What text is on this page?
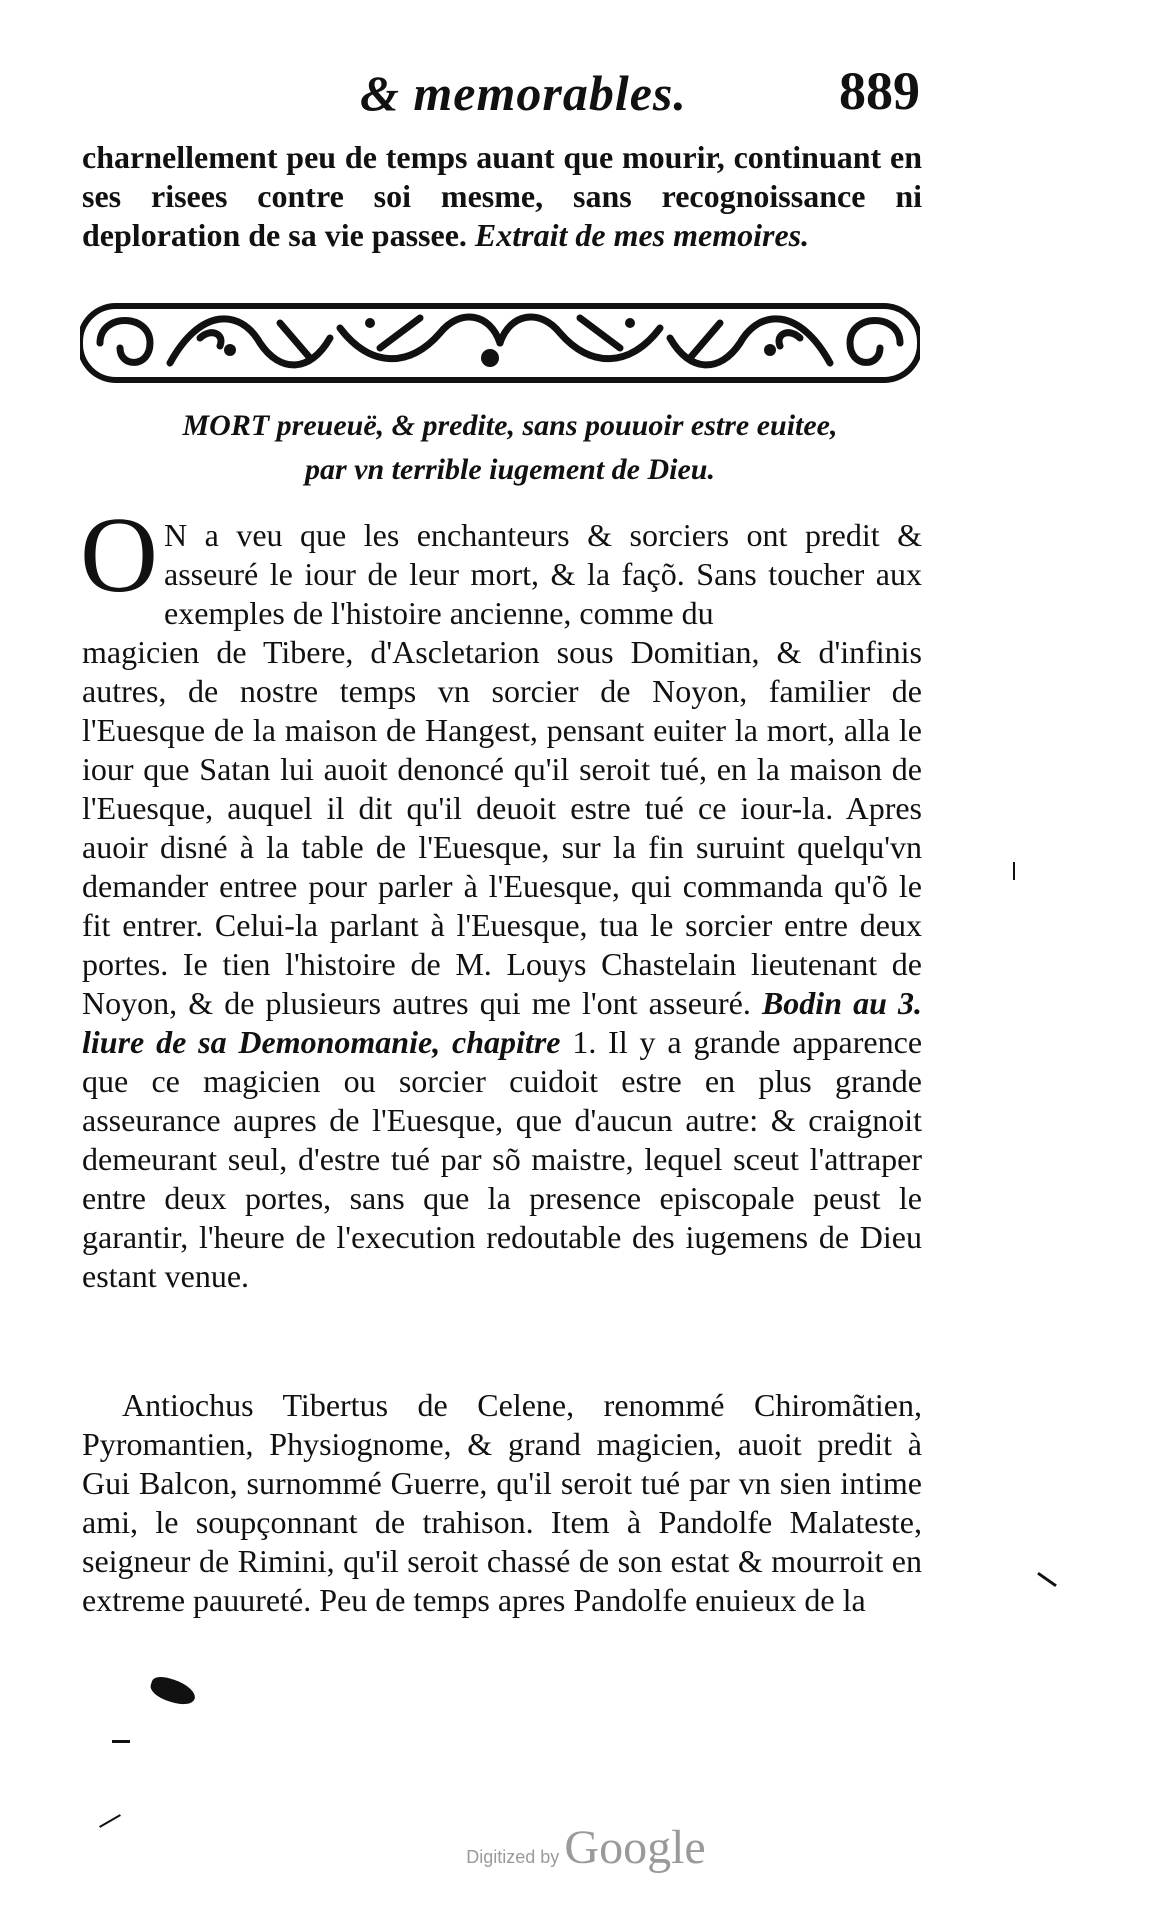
& memorables.	889

charnellement peu de temps auant que mourir, continuant en ses risees contre soi mesme, sans recognoissance ni deploration de sa vie passee. Extrait de mes memoires.

MORT preueuë, & predite, sans pouuoir estre euitee,
par vn terrible iugement de Dieu.
O N a veu que les enchanteurs & sorciers ont predit & asseuré le iour de leur mort, & la façõ. Sans toucher aux exemples de l'histoire ancienne, comme du
magicien de Tibere, d'Ascletarion sous Domitian, & d'infinis autres, de nostre temps vn sorcier de Noyon, familier de l'Euesque de la maison de Hangest, pensant euiter la mort, alla le iour que Satan lui auoit denoncé qu'il seroit tué, en la maison de l'Euesque, auquel il dit qu'il deuoit estre tué ce iour-la. Apres auoir disné à la table de l'Euesque, sur la fin suruint quelqu'vn demander entree pour parler à l'Euesque, qui commanda qu'õ le fit entrer. Celui-la parlant à l'Euesque, tua le sorcier entre deux portes. Ie tien l'histoire de M. Louys Chastelain lieutenant de Noyon, & de plusieurs autres qui me l'ont asseuré. Bodin au 3. liure de sa Demonomanie, chapitre 1. Il y a grande apparence que ce magicien ou sorcier cuidoit estre en plus grande asseurance aupres de l'Euesque, que d'aucun autre: & craignoit demeurant seul, d'estre tué par sõ maistre, lequel sceut l'attraper entre deux portes, sans que la presence episcopale peust le garantir, l'heure de l'execution redoutable des iugemens de Dieu estant venue.

Antiochus Tibertus de Celene, renommé Chiromãtien, Pyromantien, Physiognome, & grand magicien, auoit predit à Gui Balcon, surnommé Guerre, qu'il seroit tué par vn sien intime ami, le soupçonnant de trahison. Item à Pandolfe Malateste, seigneur de Rimini, qu'il seroit chassé de son estat & mourroit en extreme pauureté. Peu de temps apres Pandolfe enuieux de la

Digitized by Google
